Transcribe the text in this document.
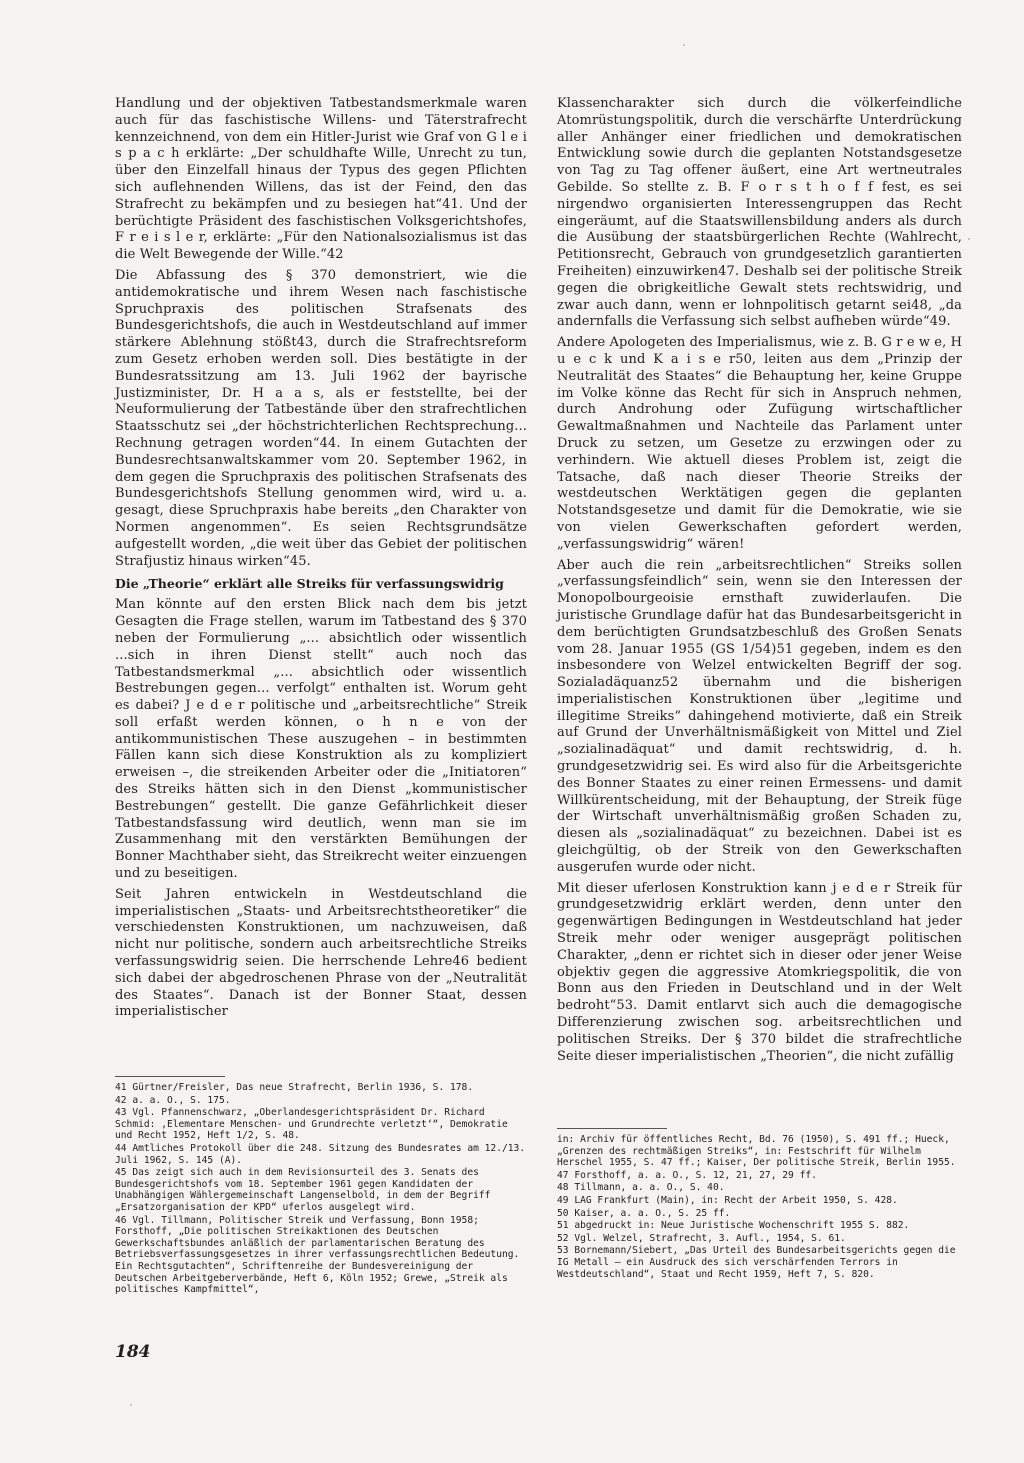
Handlung und der objektiven Tatbestandsmerkmale waren auch für das faschistische Willens- und Täterstrafrecht kennzeichnend, von dem ein Hitler-Jurist wie Graf von G l e i s p a c h erklärte: „Der schuldhafte Wille, Unrecht zu tun, über den Einzelfall hinaus der Typus des gegen Pflichten sich auflehnenden Willens, das ist der Feind, den das Strafrecht zu bekämpfen und zu besiegen hat“41. Und der berüchtigte Präsident des faschistischen Volksgerichtshofes, F r e i s l e r, erklärte: „Für den Nationalsozialismus ist das die Welt Bewegende der Wille.“42

Die Abfassung des § 370 demonstriert, wie die antidemokratische und ihrem Wesen nach faschistische Spruchpraxis des politischen Strafsenats des Bundesgerichtshofs, die auch in Westdeutschland auf immer stärkere Ablehnung stößt43, durch die Strafrechtsreform zum Gesetz erhoben werden soll. Dies bestätigte in der Bundesratssitzung am 13. Juli 1962 der bayrische Justizminister, Dr. H a a s, als er feststellte, bei der Neuformulierung der Tatbestände über den strafrechtlichen Staatsschutz sei „der höchstrichterlichen Rechtsprechung... Rechnung getragen worden“44. In einem Gutachten der Bundesrechtsanwaltskammer vom 20. September 1962, in dem gegen die Spruchpraxis des politischen Strafsenats des Bundesgerichtshofs Stellung genommen wird, wird u. a. gesagt, diese Spruchpraxis habe bereits „den Charakter von Normen angenommen“. Es seien Rechtsgrundsätze aufgestellt worden, „die weit über das Gebiet der politischen Strafjustiz hinaus wirken“45.

Die „Theorie“ erklärt alle Streiks für verfassungswidrig

Man könnte auf den ersten Blick nach dem bis jetzt Gesagten die Frage stellen, warum im Tatbestand des § 370 neben der Formulierung „... absichtlich oder wissentlich ...sich in ihren Dienst stellt“ auch noch das Tatbestandsmerkmal „... absichtlich oder wissentlich Bestrebungen gegen... verfolgt“ enthalten ist. Worum geht es dabei? J e d e r politische und „arbeitsrechtliche“ Streik soll erfaßt werden können, o h n e von der antikommunistischen These auszugehen – in bestimmten Fällen kann sich diese Konstruktion als zu kompliziert erweisen –, die streikenden Arbeiter oder die „Initiatoren“ des Streiks hätten sich in den Dienst „kommunistischer Bestrebungen“ gestellt. Die ganze Gefährlichkeit dieser Tatbestandsfassung wird deutlich, wenn man sie im Zusammenhang mit den verstärkten Bemühungen der Bonner Machthaber sieht, das Streikrecht weiter einzuengen und zu beseitigen.

Seit Jahren entwickeln in Westdeutschland die imperialistischen „Staats- und Arbeitsrechtstheoretiker“ die verschiedensten Konstruktionen, um nachzuweisen, daß nicht nur politische, sondern auch arbeitsrechtliche Streiks verfassungswidrig seien. Die herrschende Lehre46 bedient sich dabei der abgedroschenen Phrase von der „Neutralität des Staates“. Danach ist der Bonner Staat, dessen imperialistischer

Klassencharakter sich durch die völkerfeindliche Atomrüstungspolitik, durch die verschärfte Unterdrückung aller Anhänger einer friedlichen und demokratischen Entwicklung sowie durch die geplanten Notstandsgesetze von Tag zu Tag offener äußert, eine Art wertneutrales Gebilde. So stellte z. B. F o r s t h o f f fest, es sei nirgendwo organisierten Interessengruppen das Recht eingeräumt, auf die Staatswillensbildung anders als durch die Ausübung der staatsbürgerlichen Rechte (Wahlrecht, Petitionsrecht, Gebrauch von grundgesetzlich garantierten Freiheiten) einzuwirken47. Deshalb sei der politische Streik gegen die obrigkeitliche Gewalt stets rechtswidrig, und zwar auch dann, wenn er lohnpolitisch getarnt sei48, „da andernfalls die Verfassung sich selbst aufheben würde“49.

Andere Apologeten des Imperialismus, wie z. B. G r e w e, H u e c k und K a i s e r50, leiten aus dem „Prinzip der Neutralität des Staates“ die Behauptung her, keine Gruppe im Volke könne das Recht für sich in Anspruch nehmen, durch Androhung oder Zufügung wirtschaftlicher Gewaltmaßnahmen und Nachteile das Parlament unter Druck zu setzen, um Gesetze zu erzwingen oder zu verhindern. Wie aktuell dieses Problem ist, zeigt die Tatsache, daß nach dieser Theorie Streiks der westdeutschen Werktätigen gegen die geplanten Notstandsgesetze und damit für die Demokratie, wie sie von vielen Gewerkschaften gefordert werden, „verfassungswidrig“ wären!

Aber auch die rein „arbeitsrechtlichen“ Streiks sollen „verfassungsfeindlich“ sein, wenn sie den Interessen der Monopolbourgeoisie ernsthaft zuwiderlaufen. Die juristische Grundlage dafür hat das Bundesarbeitsgericht in dem berüchtigten Grundsatzbeschluß des Großen Senats vom 28. Januar 1955 (GS 1/54)51 gegeben, indem es den insbesondere von Welzel entwickelten Begriff der sog. Sozialadäquanz52 übernahm und die bisherigen imperialistischen Konstruktionen über „legitime und illegitime Streiks“ dahingehend motivierte, daß ein Streik auf Grund der Unverhältnismäßigkeit von Mittel und Ziel „sozialinadäquat“ und damit rechtswidrig, d. h. grundgesetzwidrig sei. Es wird also für die Arbeitsgerichte des Bonner Staates zu einer reinen Ermessens- und damit Willkürentscheidung, mit der Behauptung, der Streik füge der Wirtschaft unverhältnismäßig großen Schaden zu, diesen als „sozialinadäquat“ zu bezeichnen. Dabei ist es gleichgültig, ob der Streik von den Gewerkschaften ausgerufen wurde oder nicht.

Mit dieser uferlosen Konstruktion kann j e d e r Streik für grundgesetzwidrig erklärt werden, denn unter den gegenwärtigen Bedingungen in Westdeutschland hat jeder Streik mehr oder weniger ausgeprägt politischen Charakter, „denn er richtet sich in dieser oder jener Weise objektiv gegen die aggressive Atomkriegspolitik, die von Bonn aus den Frieden in Deutschland und in der Welt bedroht“53. Damit entlarvt sich auch die demagogische Differenzierung zwischen sog. arbeitsrechtlichen und politischen Streiks. Der § 370 bildet die strafrechtliche Seite dieser imperialistischen „Theorien“, die nicht zufällig

41 Gürtner/Freisler, Das neue Strafrecht, Berlin 1936, S. 178.

42 a. a. O., S. 175.

43 Vgl. Pfannenschwarz, „Oberlandesgerichtspräsident Dr. Richard Schmid: ‚Elementare Menschen- und Grundrechte verletzt‘“, Demokratie und Recht 1952, Heft 1/2, S. 48.

44 Amtliches Protokoll über die 248. Sitzung des Bundesrates am 12./13. Juli 1962, S. 145 (A).

45 Das zeigt sich auch in dem Revisionsurteil des 3. Senats des Bundesgerichtshofs vom 18. September 1961 gegen Kandidaten der Unabhängigen Wählergemeinschaft Langenselbold, in dem der Begriff „Ersatzorganisation der KPD“ uferlos ausgelegt wird.

46 Vgl. Tillmann, Politischer Streik und Verfassung, Bonn 1958; Forsthoff, „Die politischen Streikaktionen des Deutschen Gewerkschaftsbundes anläßlich der parlamentarischen Beratung des Betriebsverfassungsgesetzes in ihrer verfassungsrechtlichen Bedeutung. Ein Rechtsgutachten“, Schriftenreihe der Bundesvereinigung der Deutschen Arbeitgeberverbände, Heft 6, Köln 1952; Grewe, „Streik als politisches Kampfmittel“,

in: Archiv für öffentliches Recht, Bd. 76 (1950), S. 491 ff.; Hueck, „Grenzen des rechtmäßigen Streiks“, in: Festschrift für Wilhelm Herschel 1955, S. 47 ff.; Kaiser, Der politische Streik, Berlin 1955.

47 Forsthoff, a. a. O., S. 12, 21, 27, 29 ff.

48 Tillmann, a. a. O., S. 40.

49 LAG Frankfurt (Main), in: Recht der Arbeit 1950, S. 428.

50 Kaiser, a. a. O., S. 25 ff.

51 abgedruckt in: Neue Juristische Wochenschrift 1955 S. 882.

52 Vgl. Welzel, Strafrecht, 3. Aufl., 1954, S. 61.

53 Bornemann/Siebert, „Das Urteil des Bundesarbeitsgerichts gegen die IG Metall – ein Ausdruck des sich verschärfenden Terrors in Westdeutschland“, Staat und Recht 1959, Heft 7, S. 820.

184
